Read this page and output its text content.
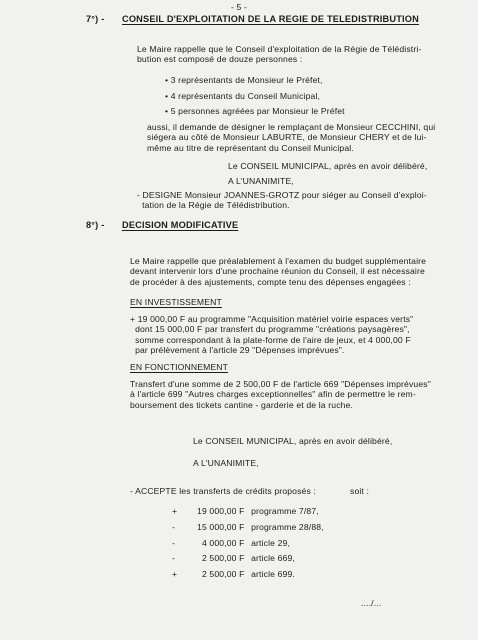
- 5 -
7°) - CONSEIL D'EXPLOITATION DE LA REGIE DE TELEDISTRIBUTION
Le Maire rappelle que le Conseil d'exploitation de la Régie de Télédistri-
bution est composé de douze personnes :
• 3 représentants de Monsieur le Préfet,
• 4 représentants du Conseil Municipal,
• 5 personnes agréées par Monsieur le Préfet
aussi, il demande de désigner le remplaçant de Monsieur CECCHINI, qui
siégera au côté de Monsieur LABURTE, de Monsieur CHERY et de lui-
même au titre de représentant du Conseil Municipal.
Le CONSEIL MUNICIPAL, après en avoir délibéré,
A L'UNANIMITE,
- DESIGNE Monsieur JOANNES-GROTZ pour siéger au Conseil d'exploi-
tation de la Régie de Télédistribution.
8°) - DECISION MODIFICATIVE
Le Maire rappelle que préalablement à l'examen du budget supplémentaire
devant intervenir lors d'une prochaine réunion du Conseil, il est nécessaire
de procéder à des ajustements, compte tenu des dépenses engagées :
EN INVESTISSEMENT
+ 19 000,00 F au programme "Acquisition matériel voirie espaces verts"
dont 15 000,00 F par transfert du programme "créations paysagères",
somme correspondant à la plate-forme de l'aire de jeux, et 4 000,00 F
par prélèvement à l'article 29 "Dépenses imprévues".
EN FONCTIONNEMENT
Transfert d'une somme de 2 500,00 F de l'article 669 "Dépenses imprévues"
à l'article 699 "Autres charges exceptionnelles" afin de permettre le rem-
boursement des tickets cantine - garderie et de la ruche.
Le CONSEIL MUNICIPAL, après en avoir délibéré,
A L'UNANIMITE,
- ACCEPTE les transferts de crédits proposés :	soit :
+ 19 000,00 F programme 7/87,
-	15 000,00 F programme 28/88,
-	4 000,00 F article 29,
-	2 500,00 F article 669,
+	2 500,00 F article 699.
..../...
